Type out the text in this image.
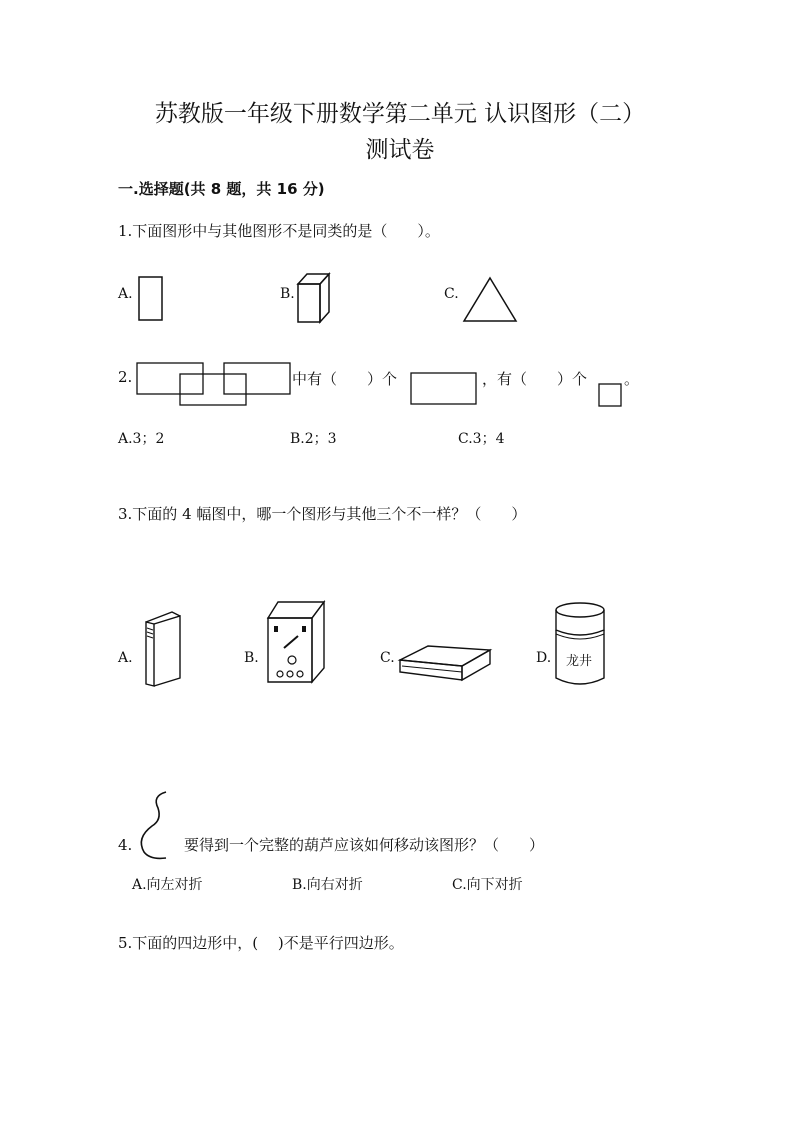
苏教版一年级下册数学第二单元 认识图形（二）
测试卷
一.选择题(共 8 题，共 16 分)
1.下面图形中与其他图形不是同类的是（　　）。
A.	B.	C.
2.	中有（　　）个	，有（　　）个 。
A.3；2	B.2；3	C.3；4
3.下面的 4 幅图中，哪一个图形与其他三个不一样？（　　）
A.	B.	C.	D. 龙井
4.	要得到一个完整的葫芦应该如何移动该图形？（　　）
A.向左对折	B.向右对折	C.向下对折
5.下面的四边形中，(　 )不是平行四边形。
